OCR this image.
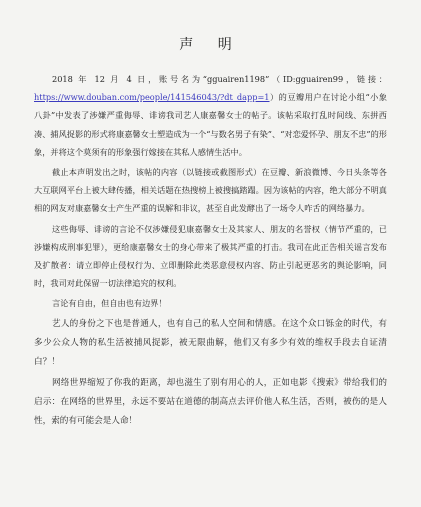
声 明

2018 年 12 月 4 日，账号名为“gguairen1198”（ID:gguairen99，链接：https://www.douban.com/people/141546043/?dt_dapp=1）的豆瓣用户在讨论小组“小象八卦”中发表了涉嫌严重侮辱、诽谤我司艺人康嘉馨女士的帖子。该帖采取打乱时间线、东拼西凑、捕风捉影的形式将康嘉馨女士塑造成为一个“与数名男子有染”、“对恋爱怀孕、朋友不忠”的形象，并将这个莫须有的形象强行嫁接在其私人感情生活中。

截止本声明发出之时，该帖的内容（以链接或截图形式）在豆瓣、新浪微博、今日头条等各大互联网平台上被大肆传播，相关话题在热搜榜上被搜搞踏蹋。因为该帖的内容，绝大部分不明真相的网友对康嘉馨女士产生严重的误解和非议，甚至自此发酵出了一场令人咋舌的网络暴力。

这些侮辱、诽谤的言论不仅涉嫌侵犯康嘉馨女士及其家人、朋友的名誉权（情节严重的，已涉嫌构成刑事犯罪），更给康嘉馨女士的身心带来了极其严重的打击。我司在此正告相关谣言发布及扩散者：请立即停止侵权行为、立即删除此类恶意侵权内容、防止引起更恶劣的舆论影响，同时，我司对此保留一切法律追究的权利。

言论有自由，但自由也有边界！

艺人的身份之下也是普通人，也有自己的私人空间和情感。在这个众口铄金的时代，有多少公众人物的私生活被捕风捉影，被无限曲解，他们又有多少有效的维权手段去自证清白？！

网络世界缩短了你我的距离，却也滋生了别有用心的人，正如电影《搜索》带给我们的启示：在网络的世界里，永远不要站在道德的制高点去评价他人私生活，否则，被伤的是人性，索的有可能会是人命！
